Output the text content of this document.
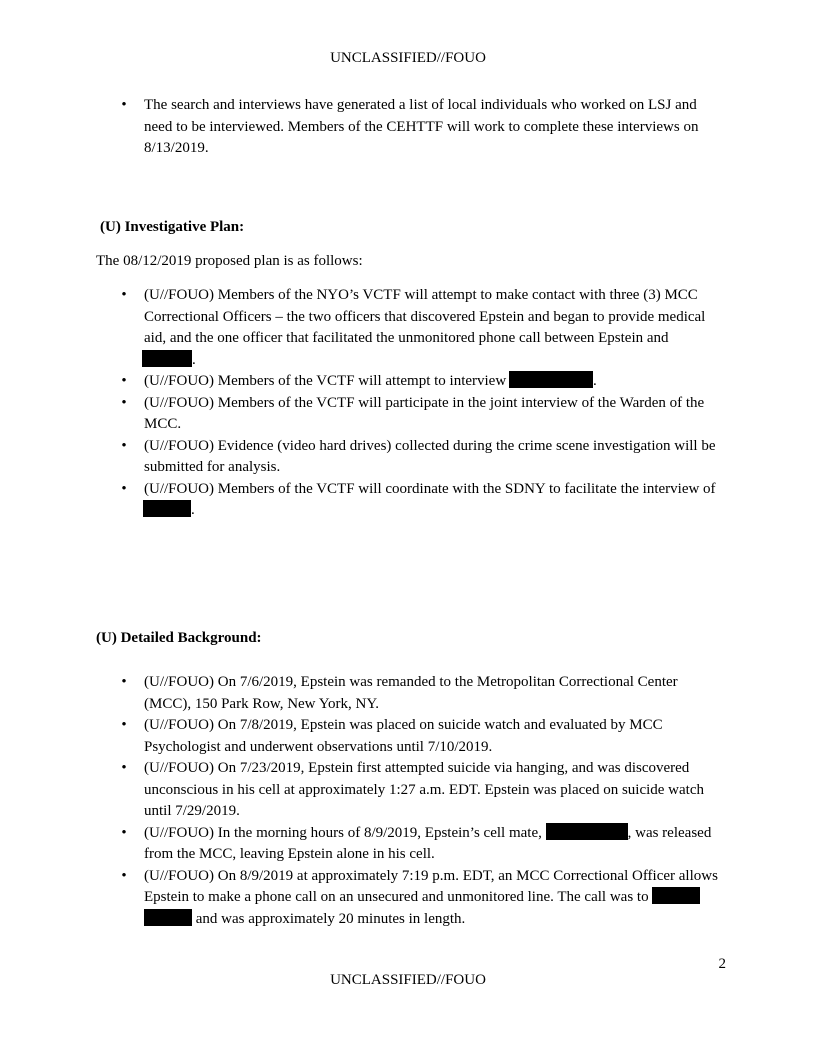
UNCLASSIFIED//FOUO
• The search and interviews have generated a list of local individuals who worked on LSJ and need to be interviewed. Members of the CEHTTF will work to complete these interviews on 8/13/2019.
(U) Investigative Plan:
The 08/12/2019 proposed plan is as follows:
• (U//FOUO) Members of the NYO’s VCTF will attempt to make contact with three (3) MCC Correctional Officers – the two officers that discovered Epstein and began to provide medical aid, and the one officer that facilitated the unmonitored phone call between Epstein and .
• (U//FOUO) Members of the VCTF will attempt to interview	.
• (U//FOUO) Members of the VCTF will participate in the joint interview of the Warden of the MCC.
• (U//FOUO) Evidence (video hard drives) collected during the crime scene investigation will be submitted for analysis.
• (U//FOUO) Members of the VCTF will coordinate with the SDNY to facilitate the interview of .
(U) Detailed Background:
• (U//FOUO) On 7/6/2019, Epstein was remanded to the Metropolitan Correctional Center (MCC), 150 Park Row, New York, NY.
• (U//FOUO) On 7/8/2019, Epstein was placed on suicide watch and evaluated by MCC Psychologist and underwent observations until 7/10/2019.
• (U//FOUO) On 7/23/2019, Epstein first attempted suicide via hanging, and was discovered unconscious in his cell at approximately 1:27 a.m. EDT. Epstein was placed on suicide watch until 7/29/2019.
• (U//FOUO) In the morning hours of 8/9/2019, Epstein’s cell mate,	, was released from the MCC, leaving Epstein alone in his cell.
• (U//FOUO) On 8/9/2019 at approximately 7:19 p.m. EDT, an MCC Correctional Officer allows Epstein to make a phone call on an unsecured and unmonitored line. The call was to   and was approximately 20 minutes in length.
2
UNCLASSIFIED//FOUO
